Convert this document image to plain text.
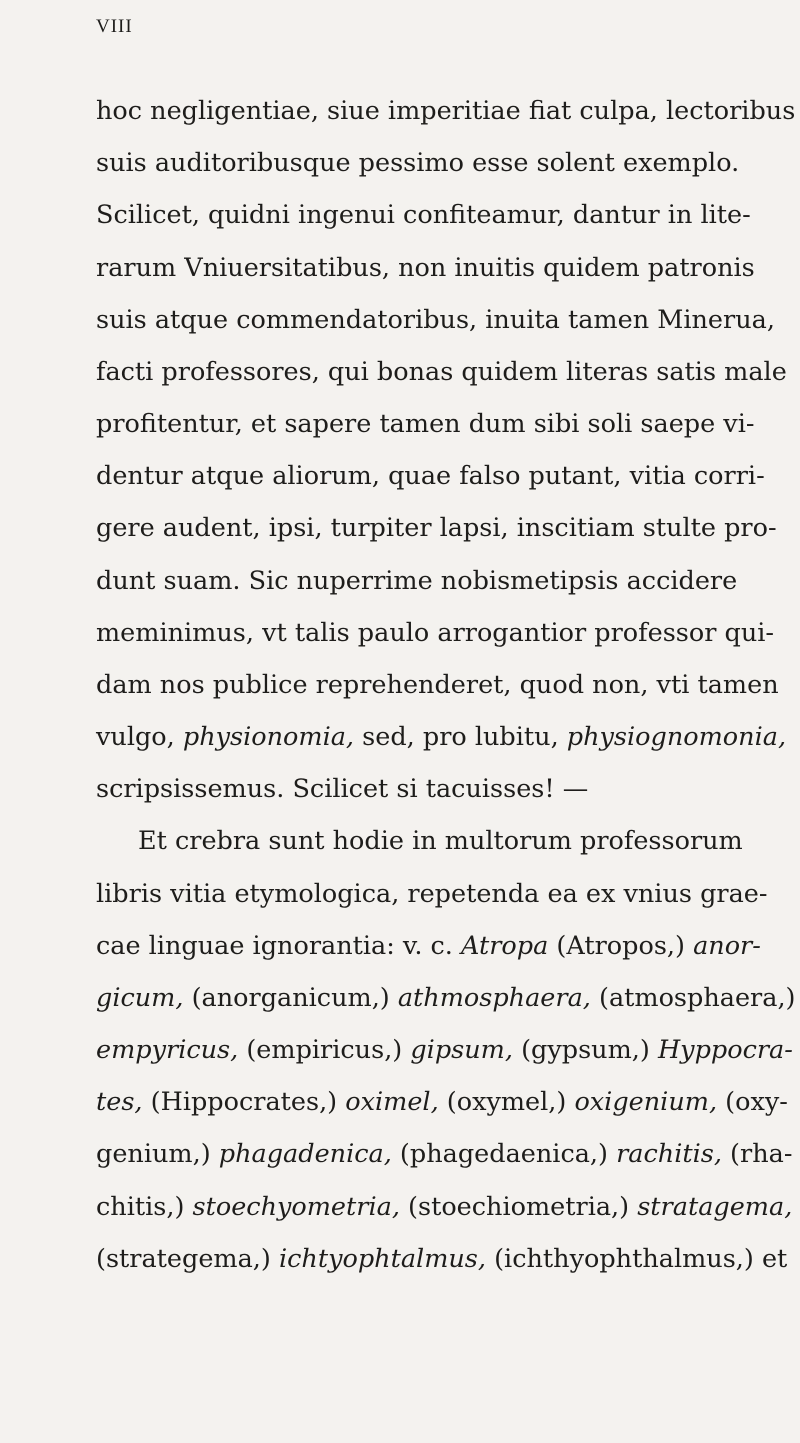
VIII
hoc negligentiae, siue imperitiae fiat culpa, lectoribus
suis auditoribusque pessimo esse solent exemplo.
Scilicet, quidni ingenui confiteamur, dantur in lite-
rarum Vniuersitatibus, non inuitis quidem patronis
suis atque commendatoribus, inuita tamen Minerua,
facti professores, qui bonas quidem literas satis male
profitentur, et sapere tamen dum sibi soli saepe vi-
dentur atque aliorum, quae falso putant, vitia corri-
gere audent, ipsi, turpiter lapsi, inscitiam stulte pro-
dunt suam. Sic nuperrime nobismetipsis accidere
meminimus, vt talis paulo arrogantior professor qui-
dam nos publice reprehenderet, quod non, vti tamen
vulgo, physionomia, sed, pro lubitu, physiognomonia,
scripsissemus. Scilicet si tacuisses! —
Et crebra sunt hodie in multorum professorum
libris vitia etymologica, repetenda ea ex vnius grae-
cae linguae ignorantia: v. c. Atropa (Atropos,) anor-
gicum, (anorganicum,) athmosphaera, (atmosphaera,)
empyricus, (empiricus,) gipsum, (gypsum,) Hyppocra-
tes, (Hippocrates,) oximel, (oxymel,) oxigenium, (oxy-
genium,) phagadenica, (phagedaenica,) rachitis, (rha-
chitis,) stoechyometria, (stoechiometria,) stratagema,
(strategema,) ichtyophtalmus, (ichthyophthalmus,) et
